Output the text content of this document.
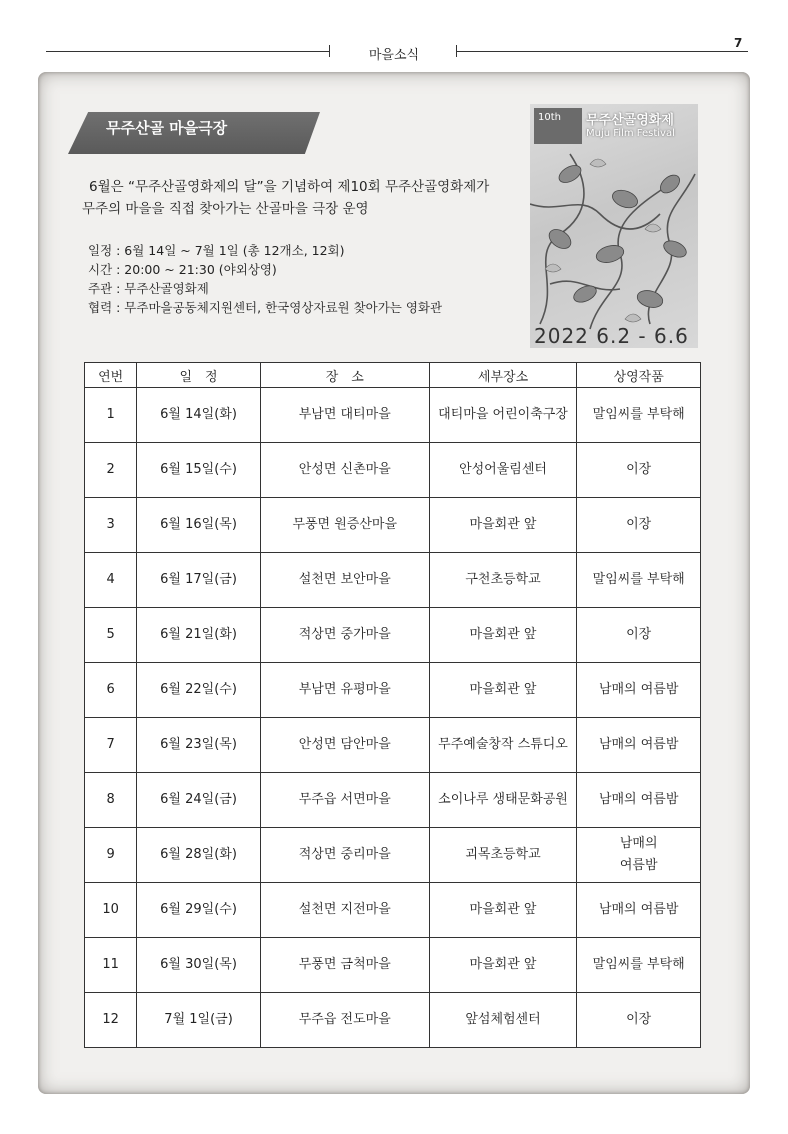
마을소식
7
무주산골 마을극장
6월은 “무주산골영화제의 달”을 기념하여 제10회 무주산골영화제가
무주의 마을을 직접 찾아가는 산골마을 극장 운영
일정 : 6월 14일 ~ 7월 1일 (총 12개소, 12회)
시간 : 20:00 ~ 21:30 (야외상영)
주관 : 무주산골영화제
협력 : 무주마을공동체지원센터, 한국영상자료원 찾아가는 영화관
10th 무주산골영화제
Muju Film Festival
2022 6.2 - 6.6
연번	일　정	장　소	세부장소	상영작품
1	6월 14일(화)	부남면 대티마을	대티마을 어린이축구장	말임씨를 부탁해
2	6월 15일(수)	안성면 신촌마을	안성어울림센터	이장
3	6월 16일(목)	무풍면 원증산마을	마을회관 앞	이장
4	6월 17일(금)	설천면 보안마을	구천초등학교	말임씨를 부탁해
5	6월 21일(화)	적상면 중가마을	마을회관 앞	이장
6	6월 22일(수)	부남면 유평마을	마을회관 앞	남매의 여름밤
7	6월 23일(목)	안성면 담안마을	무주예술창작 스튜디오	남매의 여름밤
8	6월 24일(금)	무주읍 서면마을	소이나루 생태문화공원	남매의 여름밤
9	6월 28일(화)	적상면 중리마을	괴목초등학교	남매의
여름밤
10	6월 29일(수)	설천면 지전마을	마을회관 앞	남매의 여름밤
11	6월 30일(목)	무풍면 금척마을	마을회관 앞	말임씨를 부탁해
12	7월 1일(금)	무주읍 전도마을	앞섬체험센터	이장
